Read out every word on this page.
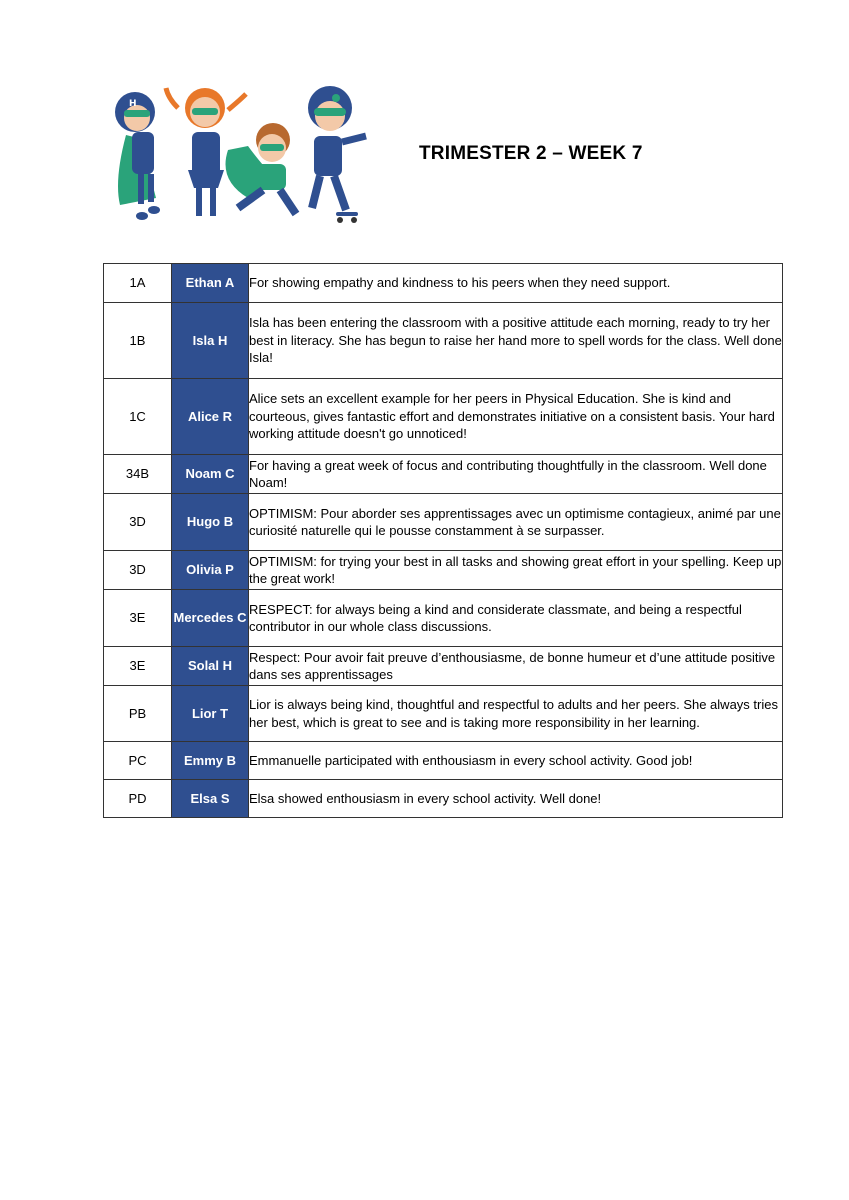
H
TRIMESTER 2 – WEEK 7
1A	Ethan A	For showing empathy and kindness to his peers when they need support.
1B	Isla H	Isla has been entering the classroom with a positive attitude each morning, ready to try her best in literacy. She has begun to raise her hand more to spell words for the class. Well done Isla!
1C	Alice R	Alice sets an excellent example for her peers in Physical Education. She is kind and courteous, gives fantastic effort and demonstrates initiative on a consistent basis. Your hard working attitude doesn't go unnoticed!
34B	Noam C	For having a great week of focus and contributing thoughtfully in the classroom. Well done Noam!
3D	Hugo B	OPTIMISM: Pour aborder ses apprentissages avec un optimisme contagieux, animé par une curiosité naturelle qui le pousse constamment à se surpasser.
3D	Olivia P	OPTIMISM: for trying your best in all tasks and showing great effort in your spelling. Keep up the great work!
3E	Mercedes C	RESPECT: for always being a kind and considerate classmate, and being a respectful contributor in our whole class discussions.
3E	Solal H	Respect: Pour avoir fait preuve d’enthousiasme, de bonne humeur et d’une attitude positive dans ses apprentissages
PB	Lior T	Lior is always being kind, thoughtful and respectful to adults and her peers. She always tries her best, which is great to see and is taking more responsibility in her learning.
PC	Emmy B	Emmanuelle participated with enthousiasm in every school activity. Good job!
PD	Elsa S	Elsa showed enthousiasm in every school activity. Well done!
